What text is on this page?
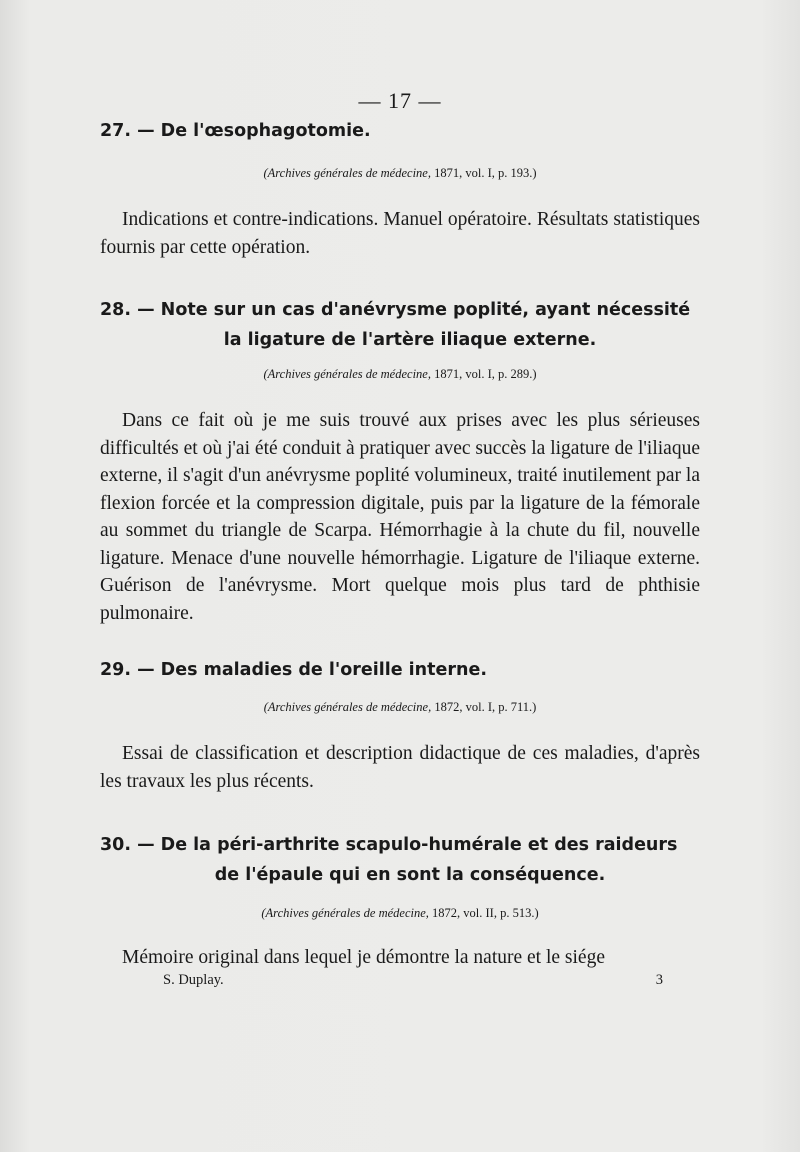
— 17 —
27. — De l'œsophagotomie.
(Archives générales de médecine, 1871, vol. I, p. 193.)
Indications et contre-indications. Manuel opératoire. Résultats statistiques fournis par cette opération.
28. — Note sur un cas d'anévrysme poplité, ayant nécessité
la ligature de l'artère iliaque externe.
(Archives générales de médecine, 1871, vol. I, p. 289.)
Dans ce fait où je me suis trouvé aux prises avec les plus sérieuses difficultés et où j'ai été conduit à pratiquer avec succès la ligature de l'iliaque externe, il s'agit d'un anévrysme poplité volumineux, traité inutilement par la flexion forcée et la compression digitale, puis par la ligature de la fémorale au sommet du triangle de Scarpa. Hémorrhagie à la chute du fil, nouvelle ligature. Menace d'une nouvelle hémorrhagie. Ligature de l'iliaque externe. Guérison de l'anévrysme. Mort quelque mois plus tard de phthisie pulmonaire.
29. — Des maladies de l'oreille interne.
(Archives générales de médecine, 1872, vol. I, p. 711.)
Essai de classification et description didactique de ces maladies, d'après les travaux les plus récents.
30. — De la péri-arthrite scapulo-humérale et des raideurs
de l'épaule qui en sont la conséquence.
(Archives générales de médecine, 1872, vol. II, p. 513.)
Mémoire original dans lequel je démontre la nature et le siége
S. Duplay.	3
